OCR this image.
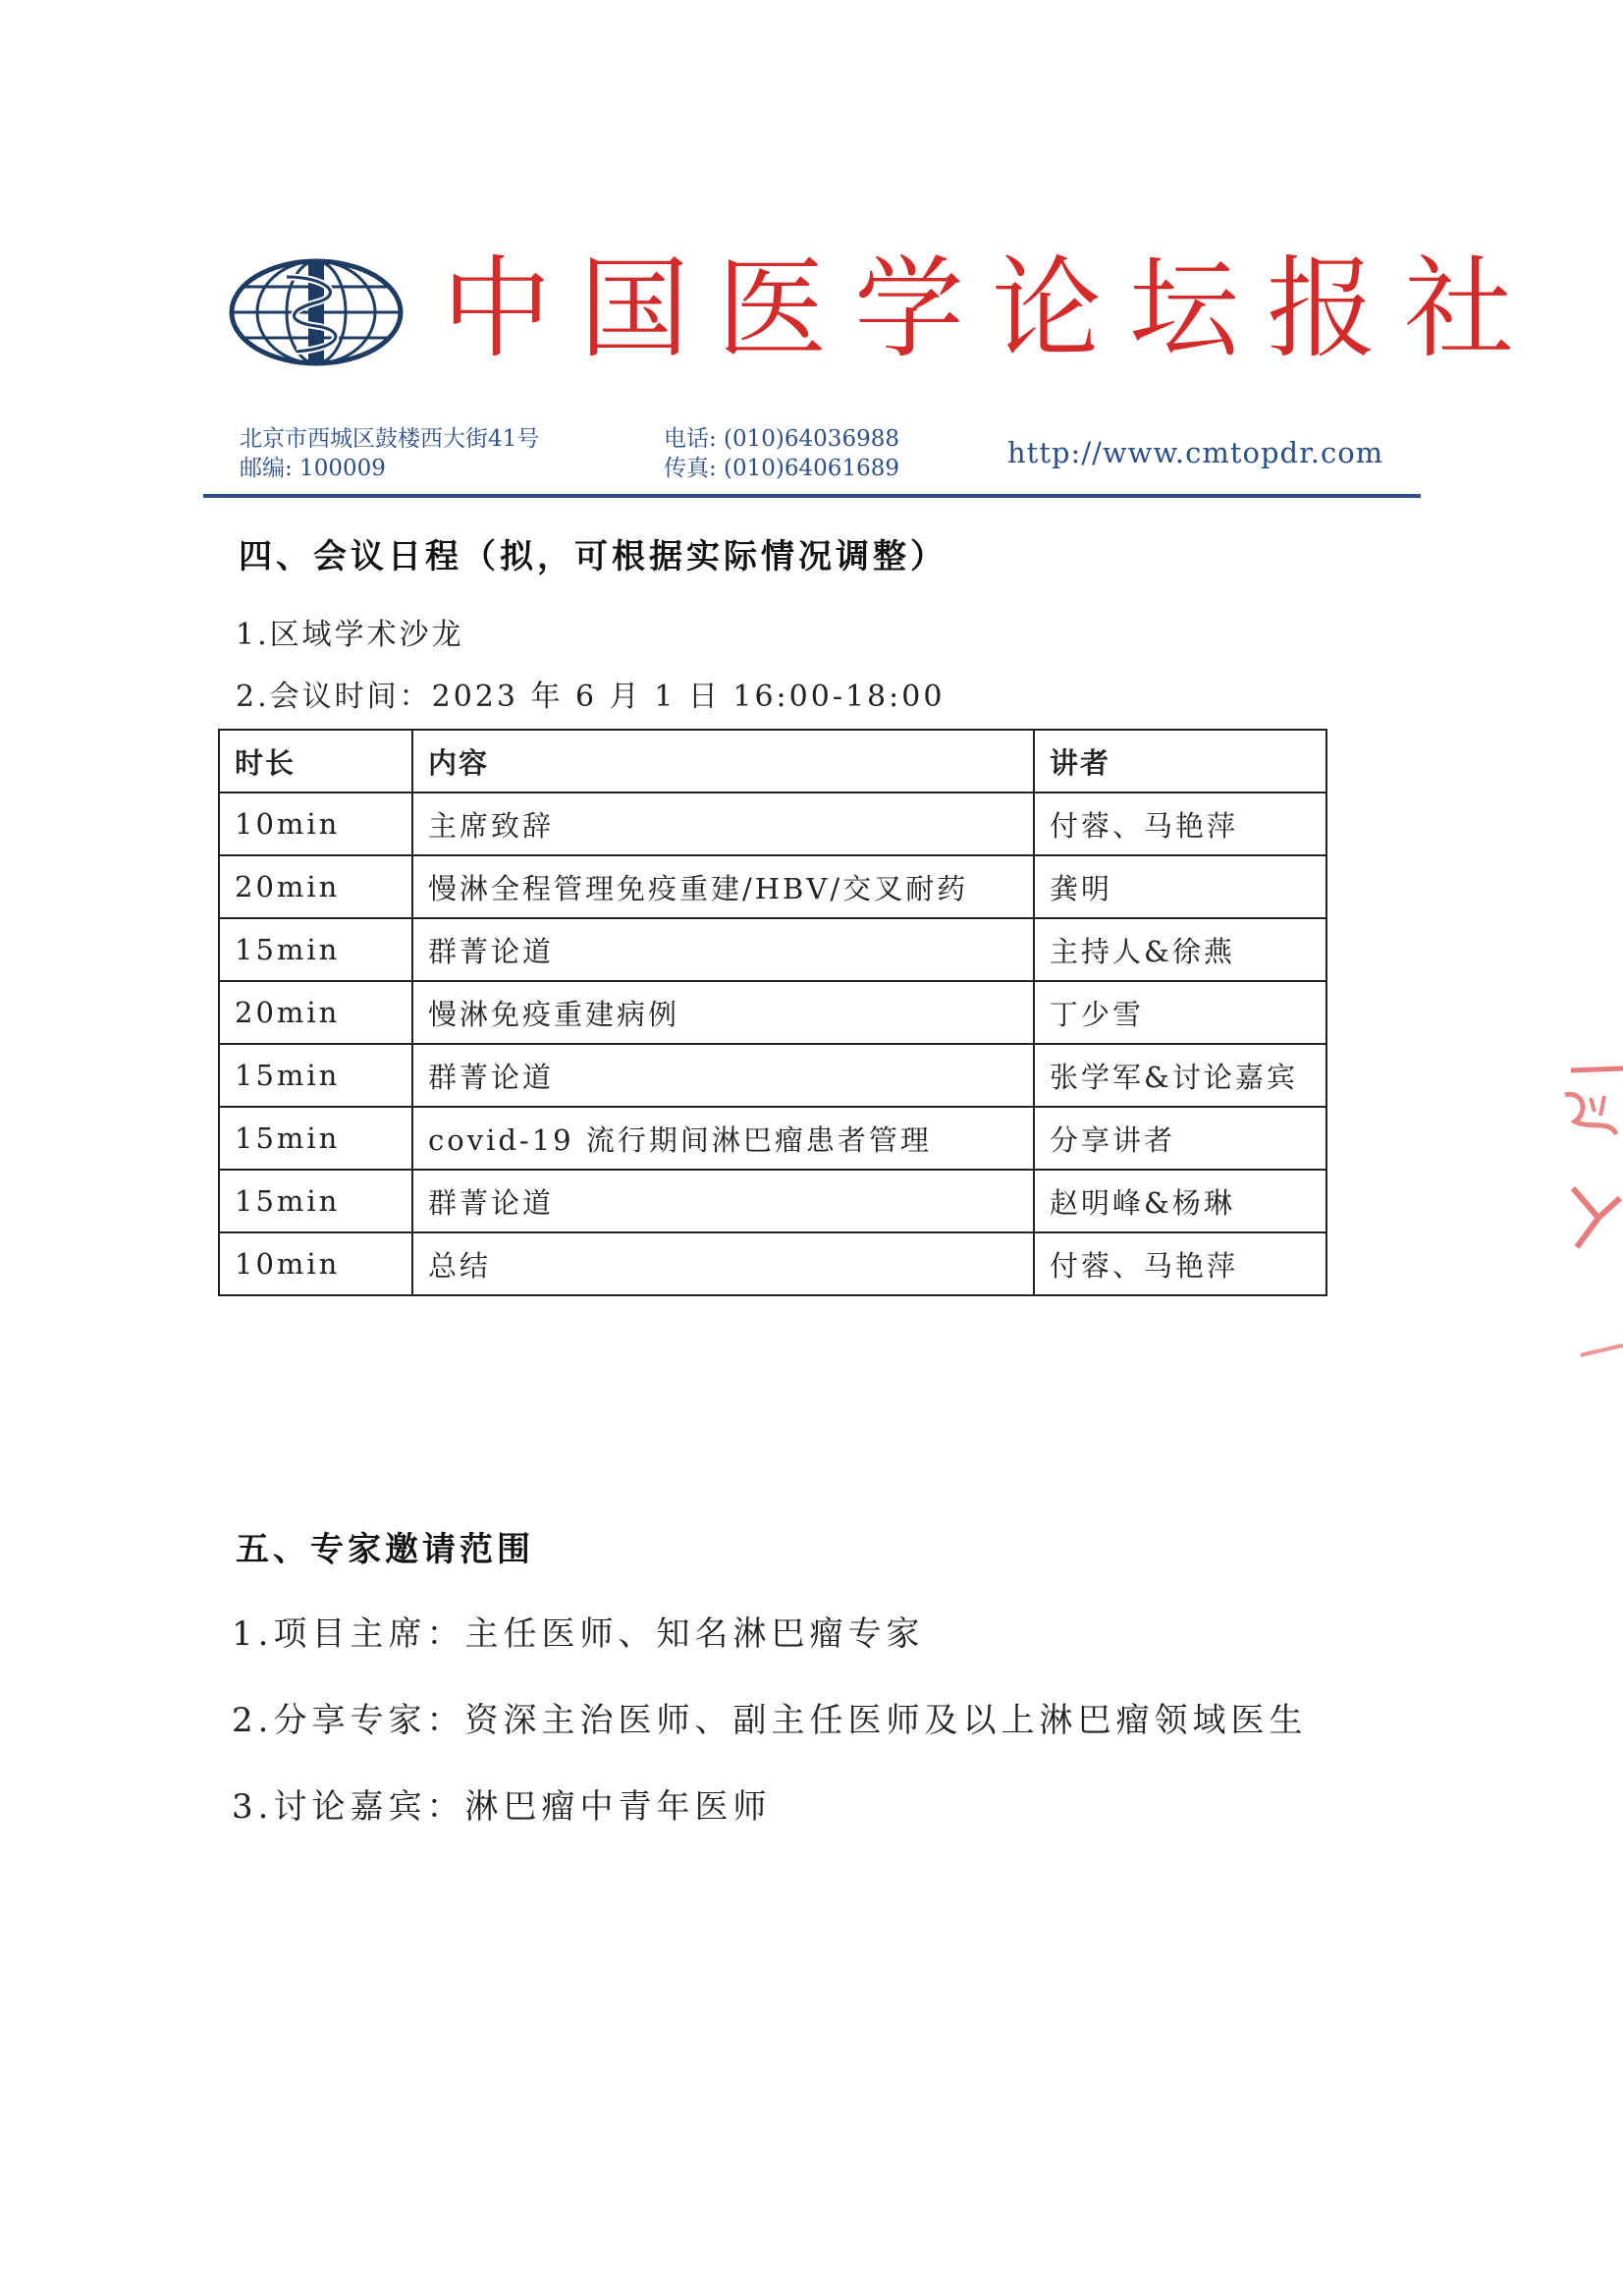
中国医学论坛报社
北京市西城区鼓楼西大街41号
邮编: 100009
电话: (010)64036988
传真: (010)64061689	http://www.cmtopdr.com
四、会议日程（拟，可根据实际情况调整）
1.区域学术沙龙
2.会议时间：2023 年 6 月 1 日 16:00-18:00
时长	内容	讲者
10min	主席致辞	付蓉、马艳萍
20min	慢淋全程管理免疫重建/HBV/交叉耐药	龚明
15min	群菁论道	主持人&徐燕
20min	慢淋免疫重建病例	丁少雪
15min	群菁论道	张学军&讨论嘉宾
15min	covid-19 流行期间淋巴瘤患者管理	分享讲者
15min	群菁论道	赵明峰&杨琳
10min	总结	付蓉、马艳萍
五、专家邀请范围
1.项目主席：主任医师、知名淋巴瘤专家
2.分享专家：资深主治医师、副主任医师及以上淋巴瘤领域医生
3.讨论嘉宾：淋巴瘤中青年医师
